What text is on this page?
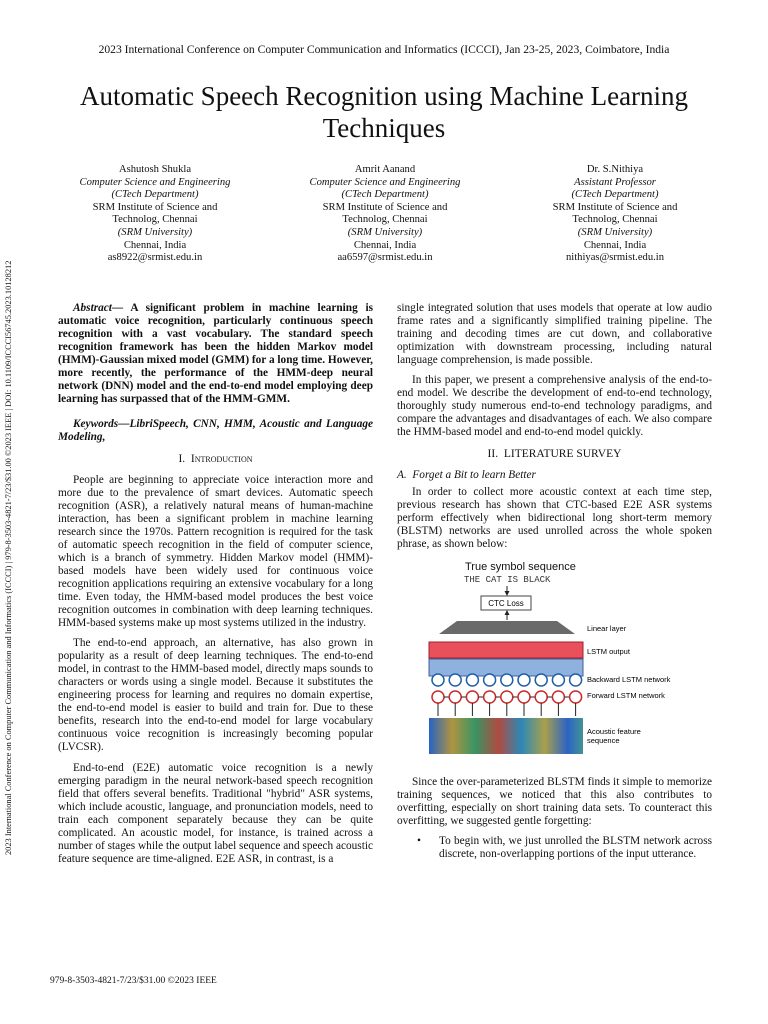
2023 International Conference on Computer Communication and Informatics (ICCCI), Jan 23-25, 2023, Coimbatore, India
Automatic Speech Recognition using Machine Learning Techniques
2023 International Conference on Computer Communication and Informatics (ICCCI) | 979-8-3503-4821-7/23/$31.00 ©2023 IEEE | DOI: 10.1109/ICCCI56745.2023.10128212
Ashutosh Shukla
Computer Science and Engineering
(CTech Department)
SRM Institute of Science and
Technolog, Chennai
(SRM University)
Chennai, India
as8922@srmist.edu.in
Amrit Aanand
Computer Science and Engineering
(CTech Department)
SRM Institute of Science and
Technolog, Chennai
(SRM University)
Chennai, India
aa6597@srmist.edu.in
Dr. S.Nithiya
Assistant Professor
(CTech Department)
SRM Institute of Science and
Technolog, Chennai
(SRM University)
Chennai, India
nithiyas@srmist.edu.in

Abstract— A significant problem in machine learning is automatic voice recognition, particularly continuous speech recognition with a vast vocabulary. The standard speech recognition framework has been the hidden Markov model (HMM)-Gaussian mixed model (GMM) for a long time. However, more recently, the performance of the HMM-deep neural network (DNN) model and the end-to-end model employing deep learning has surpassed that of the HMM-GMM.

Keywords—LibriSpeech, CNN, HMM, Acoustic and Language Modeling,

I. Introduction

People are beginning to appreciate voice interaction more and more due to the prevalence of smart devices. Automatic speech recognition (ASR), a relatively natural means of human-machine interaction, has been a significant problem in machine learning research since the 1970s. Pattern recognition is required for the task of automatic speech recognition in the field of computer science, which is a branch of symmetry. Hidden Markov model (HMM)-based models have been widely used for continuous voice recognition applications requiring an extensive vocabulary for a long time. Even today, the HMM-based model produces the best voice recognition outcomes in combination with deep learning techniques. HMM-based systems make up most systems utilized in the industry.

The end-to-end approach, an alternative, has also grown in popularity as a result of deep learning techniques. The end-to-end model, in contrast to the HMM-based model, directly maps sounds to characters or words using a single model. Because it substitutes the engineering process for learning and requires no domain expertise, the end-to-end model is easier to build and train for. Due to these benefits, research into the end-to-end model for large vocabulary continuous voice recognition is increasingly becoming popular (LVCSR).

End-to-end (E2E) automatic voice recognition is a newly emerging paradigm in the neural network-based speech recognition field that offers several benefits. Traditional "hybrid" ASR systems, which include acoustic, language, and pronunciation models, need to train each component separately because they can be quite complicated. An acoustic model, for instance, is trained across a number of stages while the output label sequence and speech acoustic feature sequence are time-aligned. E2E ASR, in contrast, is a

single integrated solution that uses models that operate at low audio frame rates and a significantly simplified training pipeline. The training and decoding times are cut down, and collaborative optimization with downstream processing, including natural language comprehension, is made possible.

In this paper, we present a comprehensive analysis of the end-to-end model. We describe the development of end-to-end technology, thoroughly study numerous end-to-end technology paradigms, and compare the advantages and disadvantages of each. We also compare the HMM-based model and end-to-end model quickly.

II. LITERATURE SURVEY
A. Forget a Bit to learn Better

In order to collect more acoustic context at each time step, previous research has shown that CTC-based E2E ASR systems perform effectively when bidirectional long short-term memory (BLSTM) networks are used unrolled across the whole spoken phrase, as shown below:

True symbol sequence
THE CAT IS BLACK
CTC Loss
Linear layer
LSTM output
Backward LSTM network
Forward LSTM network
Acoustic feature
sequence

Since the over-parameterized BLSTM finds it simple to memorize training sequences, we noticed that this also contributes to overfitting, especially on short training data sets. To counteract this overfitting, we suggested gentle forgetting:

•	To begin with, we just unrolled the BLSTM network across discrete, non-overlapping portions of the input utterance.
979-8-3503-4821-7/23/$31.00 ©2023 IEEE
